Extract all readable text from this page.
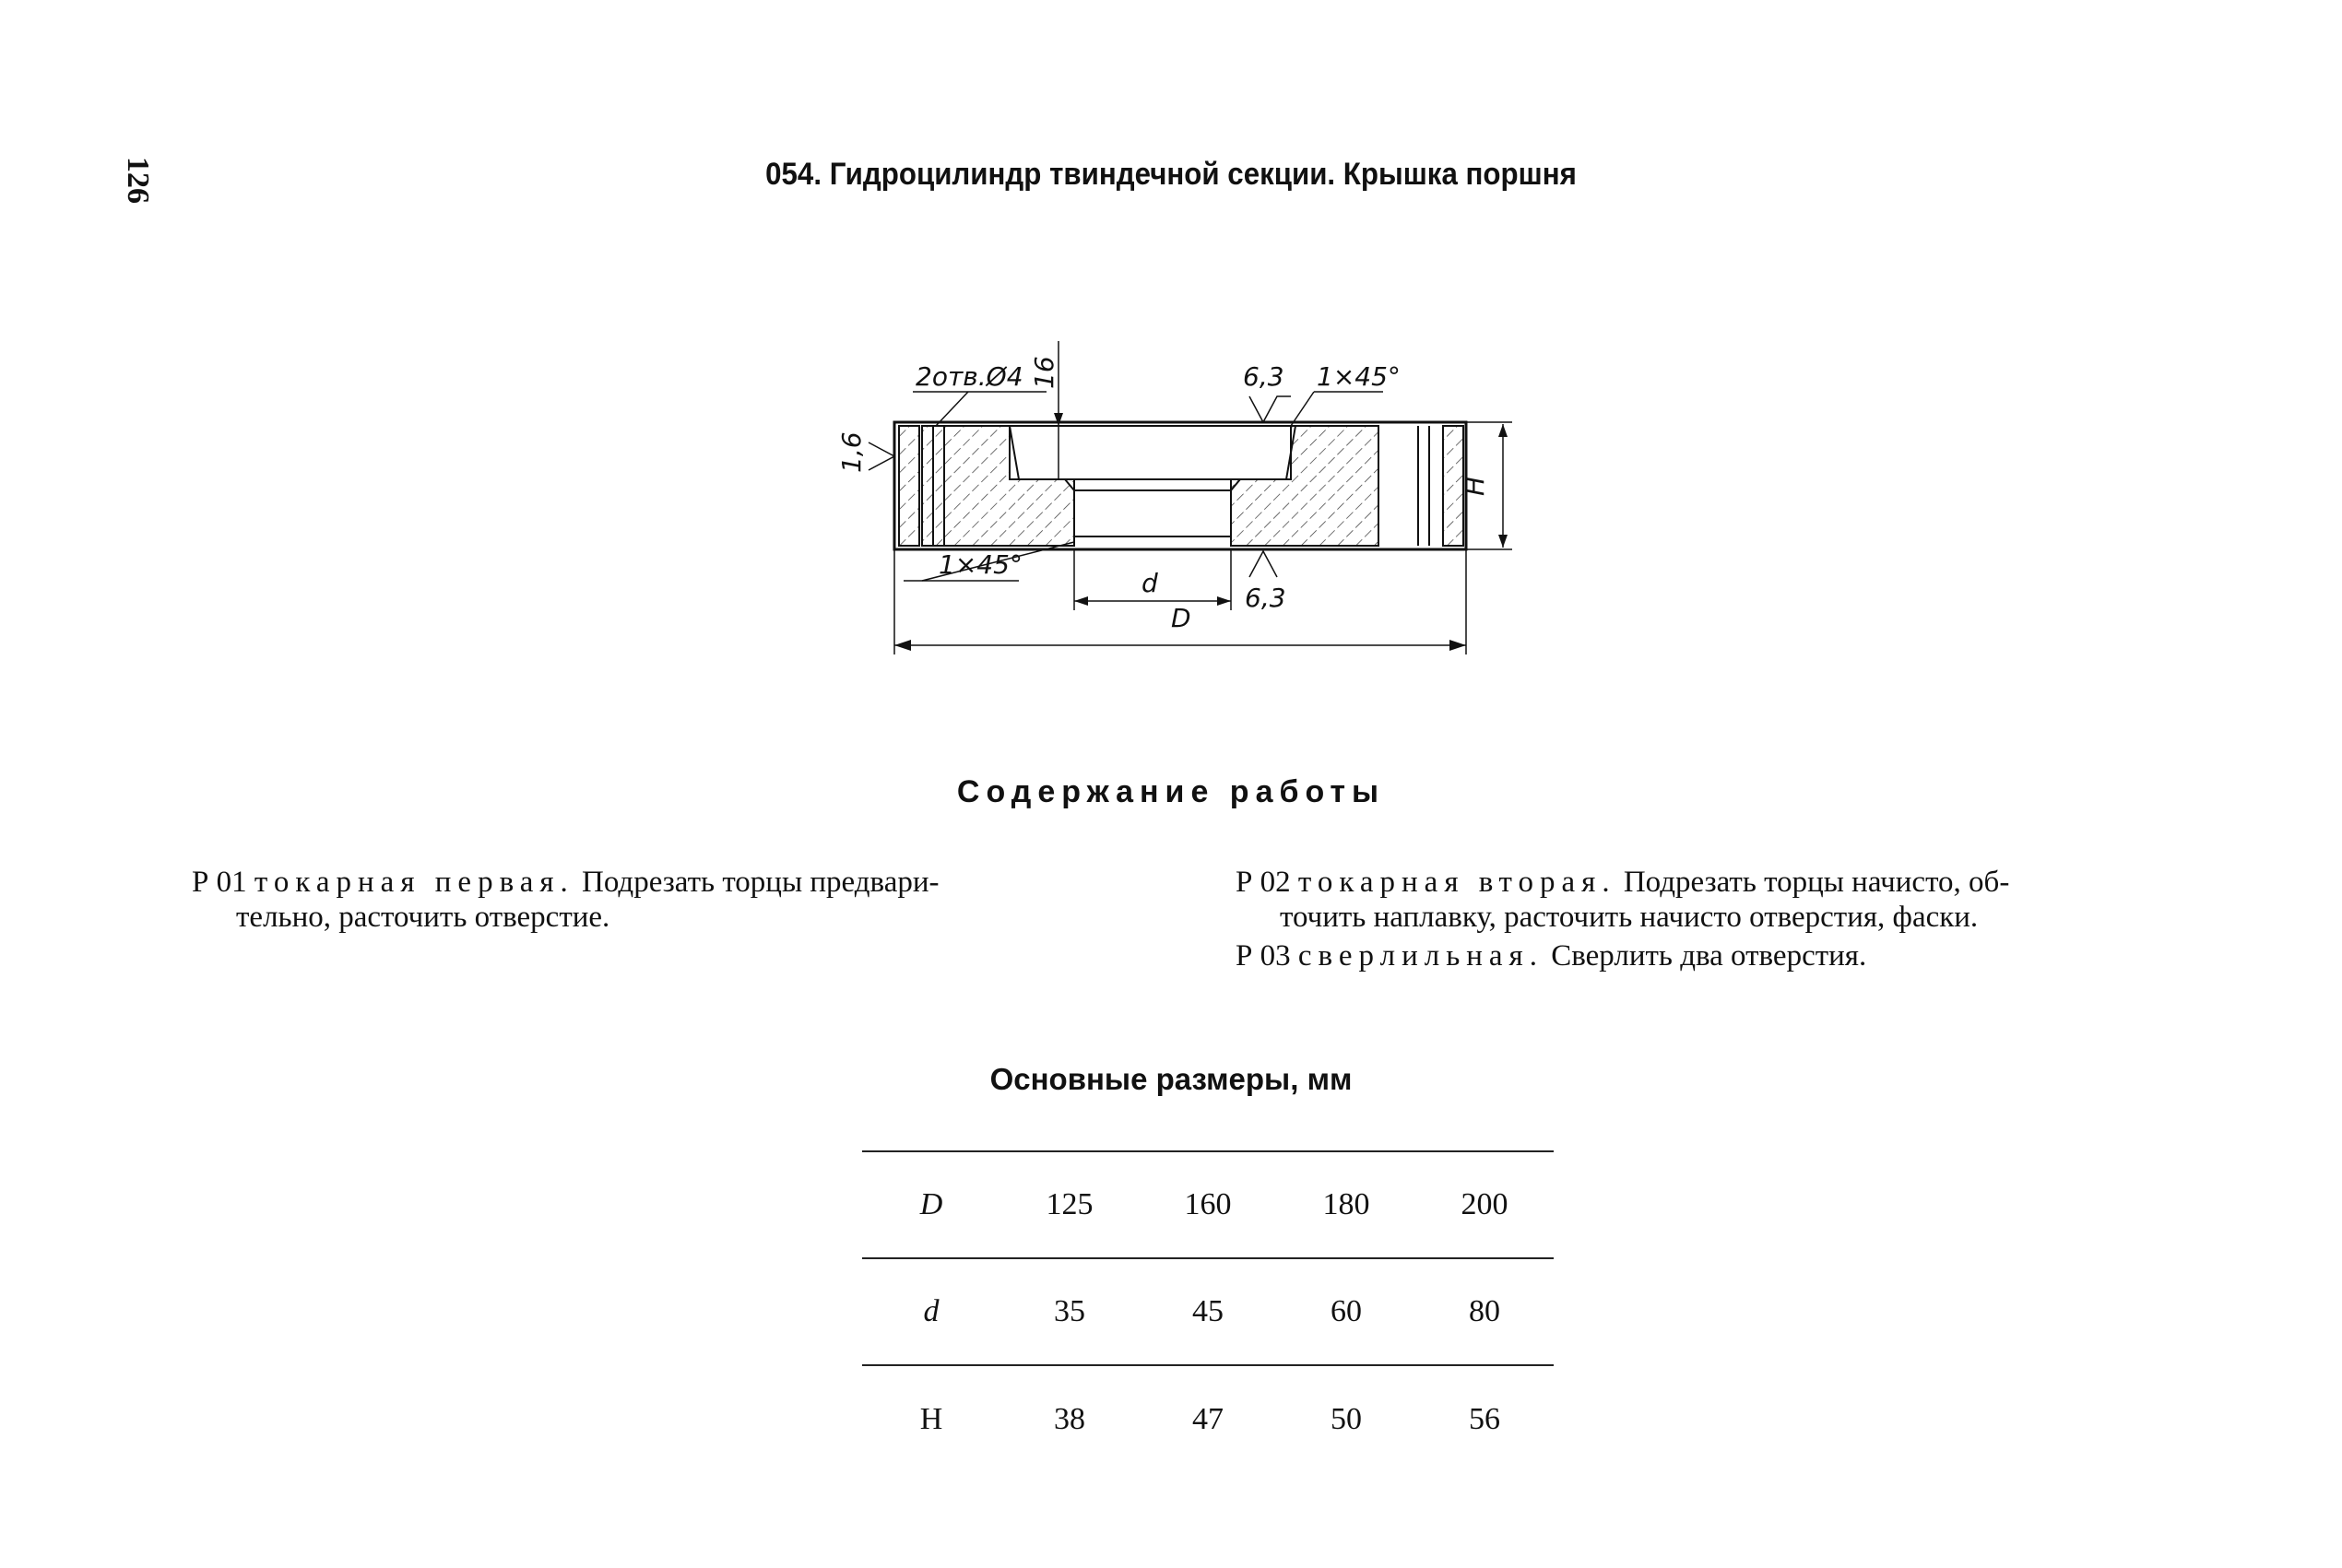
126	054. Гидроцилиндр твиндечной секции. Крышка поршня
2отв.Ø4 16	6,3 1×45°
1,6
H
1×45°
d	6,3
D
Содержание работы
Р 01 токарная первая. Подрезать торцы предвари-
тельно, расточить отверстие.
Р 02 токарная вторая. Подрезать торцы начисто, об-
точить наплавку, расточить начисто отверстия, фаски.
Р 03 сверлильная. Сверлить два отверстия.
Основные размеры, мм
D	125	160	180	200
d	35	45	60	80
H	38	47	50	56
